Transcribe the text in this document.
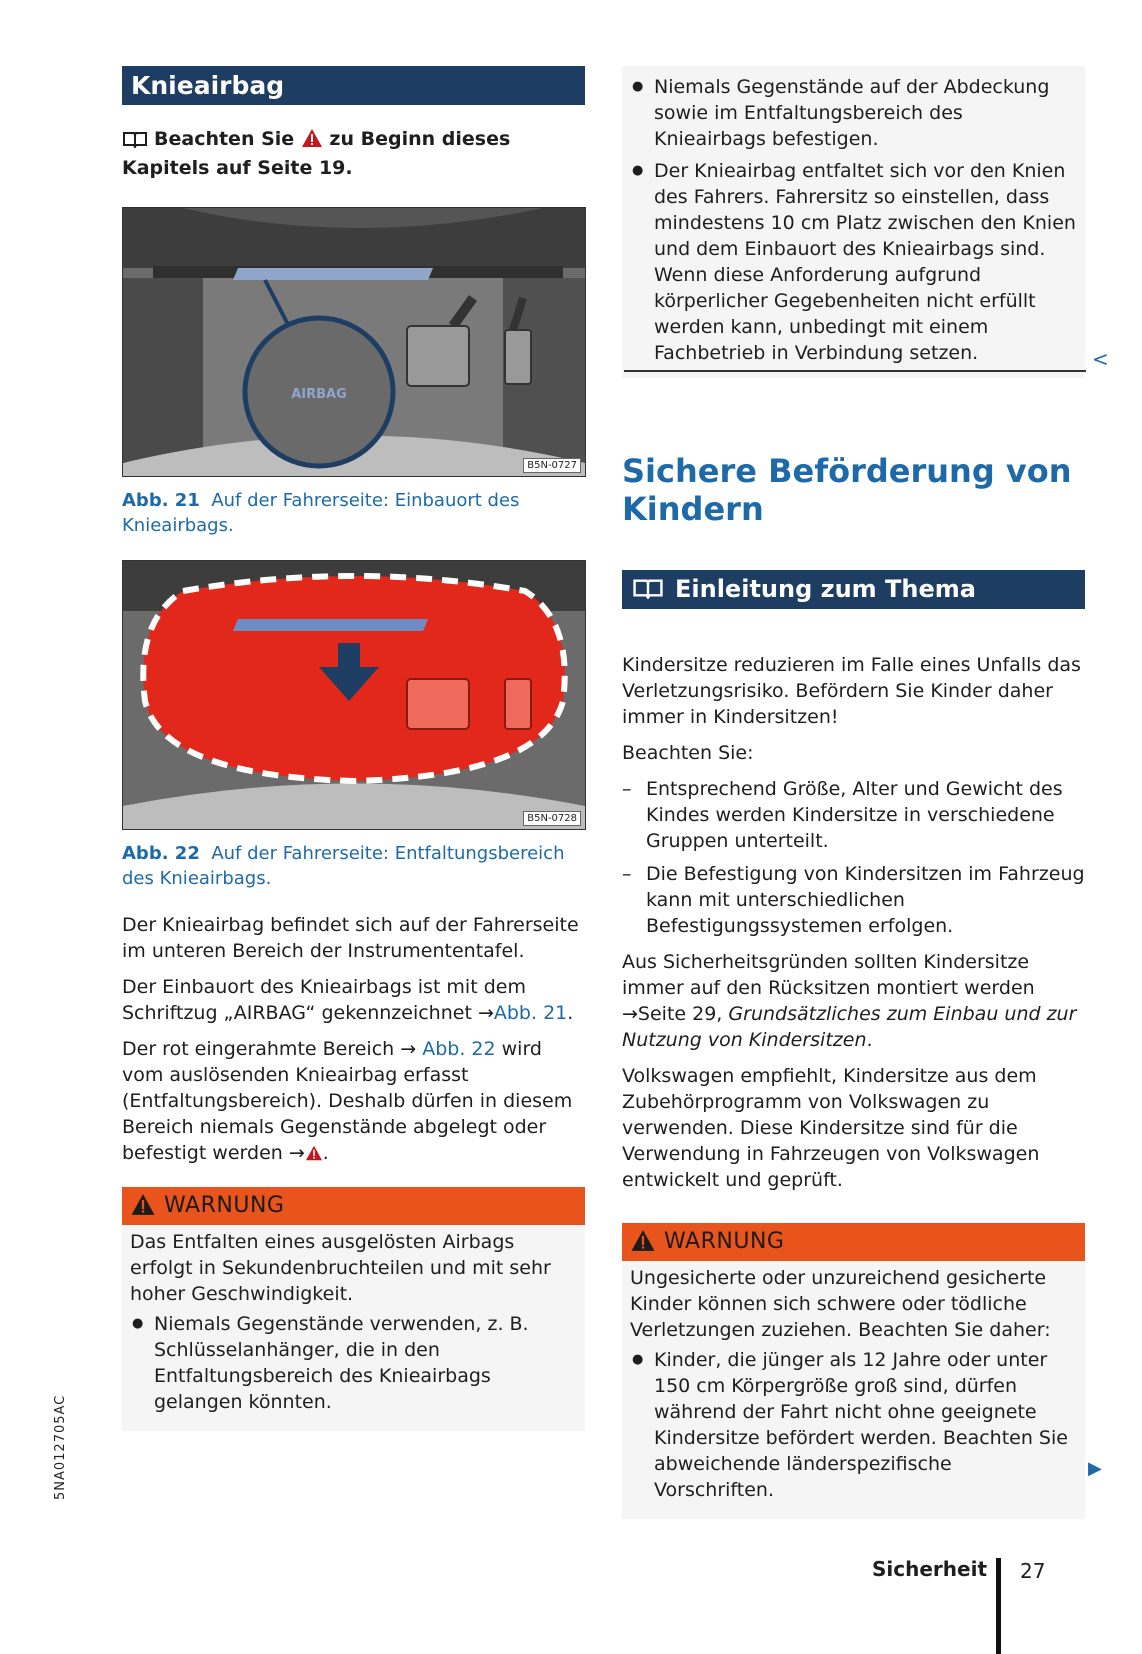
Knieairbag
Beachten Sie zu Beginn dieses Kapitels auf Seite 19.
AIRBAG
B5N-0727
Abb. 21 Auf der Fahrerseite: Einbauort des Knieairbags.
B5N-0728
Abb. 22 Auf der Fahrerseite: Entfaltungsbereich des Knieairbags.

Der Knieairbag befindet sich auf der Fahrerseite im unteren Bereich der Instrumententafel.

Der Einbauort des Knieairbags ist mit dem Schriftzug „AIRBAG“ gekennzeichnet →Abb. 21.

Der rot eingerahmte Bereich → Abb. 22 wird vom auslösenden Knieairbag erfasst (Entfaltungsbereich). Deshalb dürfen in diesem Bereich niemals Gegenstände abgelegt oder befestigt werden → .

WARNUNG

Das Entfalten eines ausgelösten Airbags erfolgt in Sekundenbruchteilen und mit sehr hoher Geschwindigkeit.

● Niemals Gegenstände verwenden, z. B. Schlüsselanhänger, die in den Entfaltungsbereich des Knieairbags gelangen könnten.
5NA012705AC
● Niemals Gegenstände auf der Abdeckung sowie im Entfaltungsbereich des Knieairbags befestigen.
● Der Knieairbag entfaltet sich vor den Knien des Fahrers. Fahrersitz so einstellen, dass mindestens 10 cm Platz zwischen den Knien und dem Einbauort des Knieairbags sind. Wenn diese Anforderung aufgrund körperlicher Gegebenheiten nicht erfüllt werden kann, unbedingt mit einem Fachbetrieb in Verbindung setzen.	<
Sichere Beförderung von Kindern
Einleitung zum Thema

Kindersitze reduzieren im Falle eines Unfalls das Verletzungsrisiko. Befördern Sie Kinder daher immer in Kindersitzen!

Beachten Sie:

– Entsprechend Größe, Alter und Gewicht des Kindes werden Kindersitze in verschiedene Gruppen unterteilt.
– Die Befestigung von Kindersitzen im Fahrzeug kann mit unterschiedlichen Befestigungssystemen erfolgen.

Aus Sicherheitsgründen sollten Kindersitze immer auf den Rücksitzen montiert werden →Seite 29, Grundsätzliches zum Einbau und zur Nutzung von Kindersitzen.

Volkswagen empfiehlt, Kindersitze aus dem Zubehörprogramm von Volkswagen zu verwenden. Diese Kindersitze sind für die Verwendung in Fahrzeugen von Volkswagen entwickelt und geprüft.

WARNUNG

Ungesicherte oder unzureichend gesicherte Kinder können sich schwere oder tödliche Verletzungen zuziehen. Beachten Sie daher:

● Kinder, die jünger als 12 Jahre oder unter 150 cm Körpergröße groß sind, dürfen während der Fahrt nicht ohne geeignete Kindersitze befördert werden. Beachten Sie abweichende länderspezifische Vorschriften.
▶
Sicherheit 27
